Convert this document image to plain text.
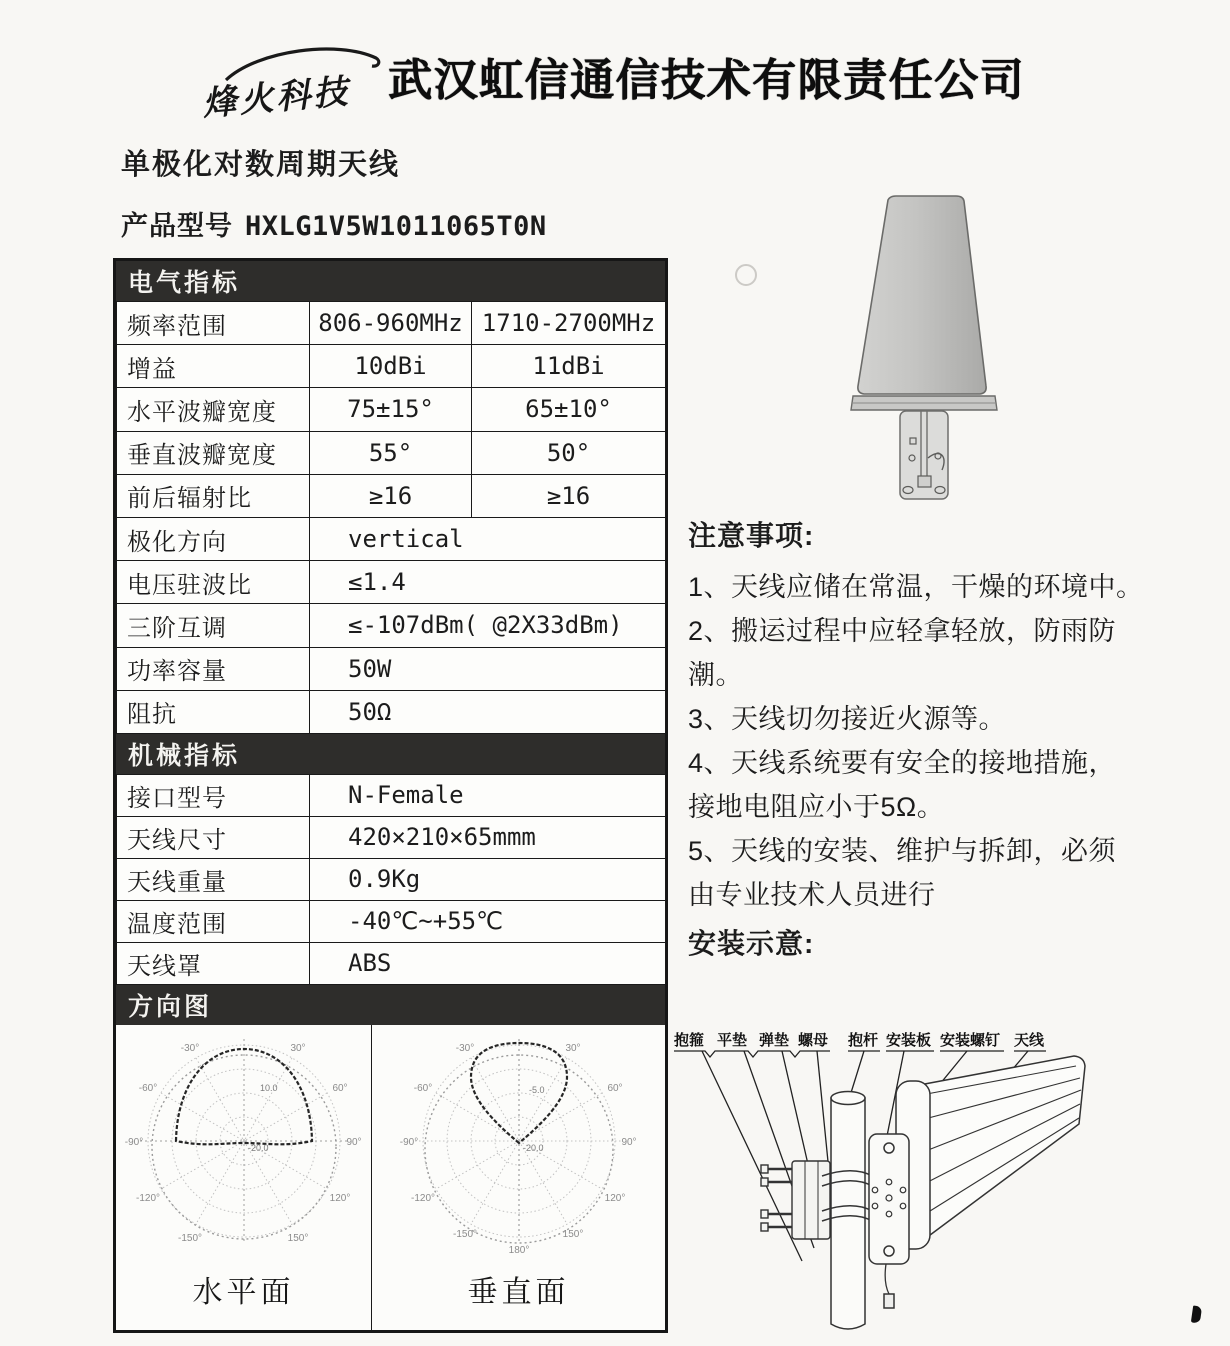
烽火科技 武汉虹信通信技术有限责任公司
单极化对数周期天线
产品型号 HXLG1V5W1011065T0N
电气指标
频率范围	806-960MHz	1710-2700MHz
增益	10dBi	11dBi
水平波瓣宽度	75±15°	65±10°
垂直波瓣宽度	55°	50°
前后辐射比	≥16	≥16
极化方向	vertical	
电压驻波比	≤1.4	
三阶互调	≤-107dBm( @2X33dBm)	
功率容量	50W	
阻抗	50Ω	
机械指标
接口型号	N-Female
天线尺寸	420×210×65mmm
天线重量	0.9Kg
温度范围	-40℃~+55℃
天线罩	ABS
方向图
-30°	30°
-60°	60°
-90°	90°
-120°	120°
-150°	150°
10.0
-20.0
水平面
-30°	30°
-60°	60°
-90°	90°
-120°	120°
-150°	150°
180°
-5.0
-20.0
垂直面
注意事项:

1、天线应储在常温，干燥的环境中。

2、搬运过程中应轻拿轻放，防雨防

潮。

3、天线切勿接近火源等。

4、天线系统要有安全的接地措施，

接地电阻应小于5Ω。

5、天线的安装、维护与拆卸，必须

由专业技术人员进行

安装示意:
抱箍 平垫 弹垫 螺母 抱杆 安装板 安装螺钉 天线
